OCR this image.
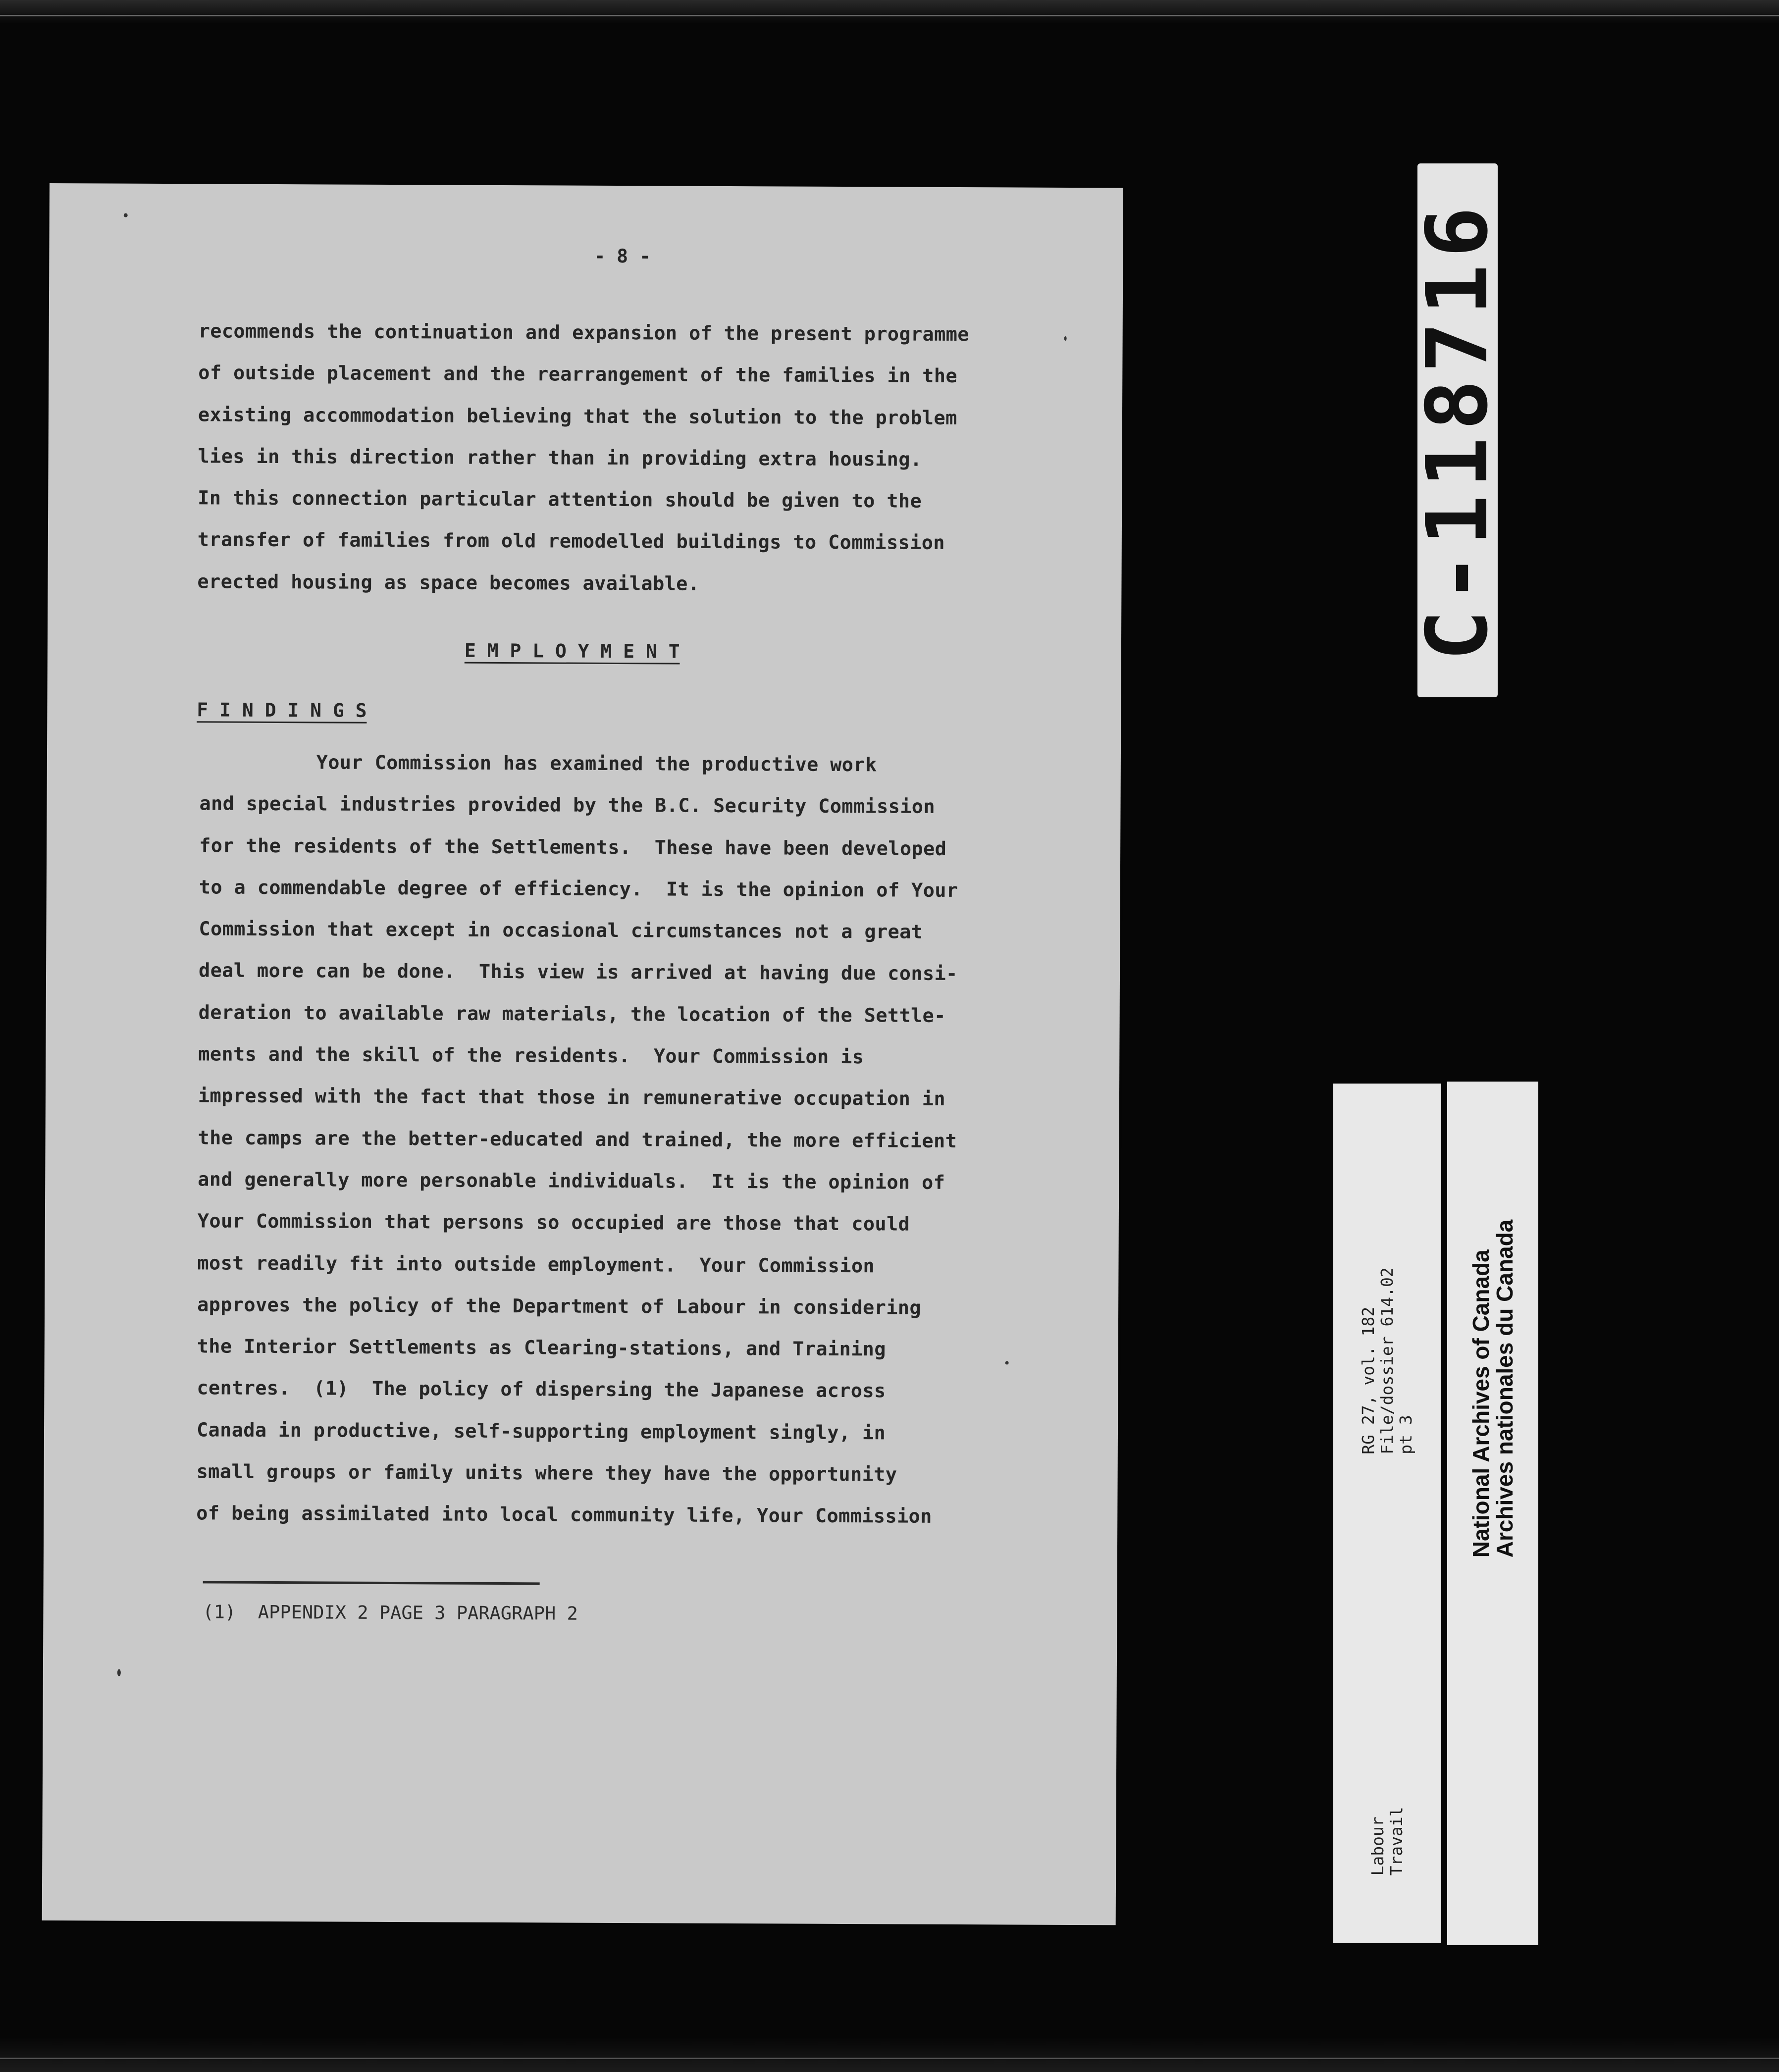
- 8 -

recommends the continuation and expansion of the present programme
of outside placement and the rearrangement of the families in the
existing accommodation believing that the solution to the problem
lies in this direction rather than in providing extra housing.
In this connection particular attention should be given to the
transfer of families from old remodelled buildings to Commission
erected housing as space becomes available.

E M P L O Y M E N T
F I N D I N G S

Your Commission has examined the productive work
and special industries provided by the B.C. Security Commission
for the residents of the Settlements.  These have been developed
to a commendable degree of efficiency.  It is the opinion of Your
Commission that except in occasional circumstances not a great
deal more can be done.  This view is arrived at having due consi-
deration to available raw materials, the location of the Settle-
ments and the skill of the residents.  Your Commission is
impressed with the fact that those in remunerative occupation in
the camps are the better-educated and trained, the more efficient
and generally more personable individuals.  It is the opinion of
Your Commission that persons so occupied are those that could
most readily fit into outside employment.  Your Commission
approves the policy of the Department of Labour in considering
the Interior Settlements as Clearing-stations, and Training
centres.  (1)  The policy of dispersing the Japanese across
Canada in productive, self-supporting employment singly, in
small groups or family units where they have the opportunity
of being assimilated into local community life, Your Commission

(1)  APPENDIX 2 PAGE 3 PARAGRAPH 2
C-118716
RG 27, vol. 182
File/dossier 614.02
pt 3
Labour
Travail
National Archives of Canada
Archives nationales du Canada
